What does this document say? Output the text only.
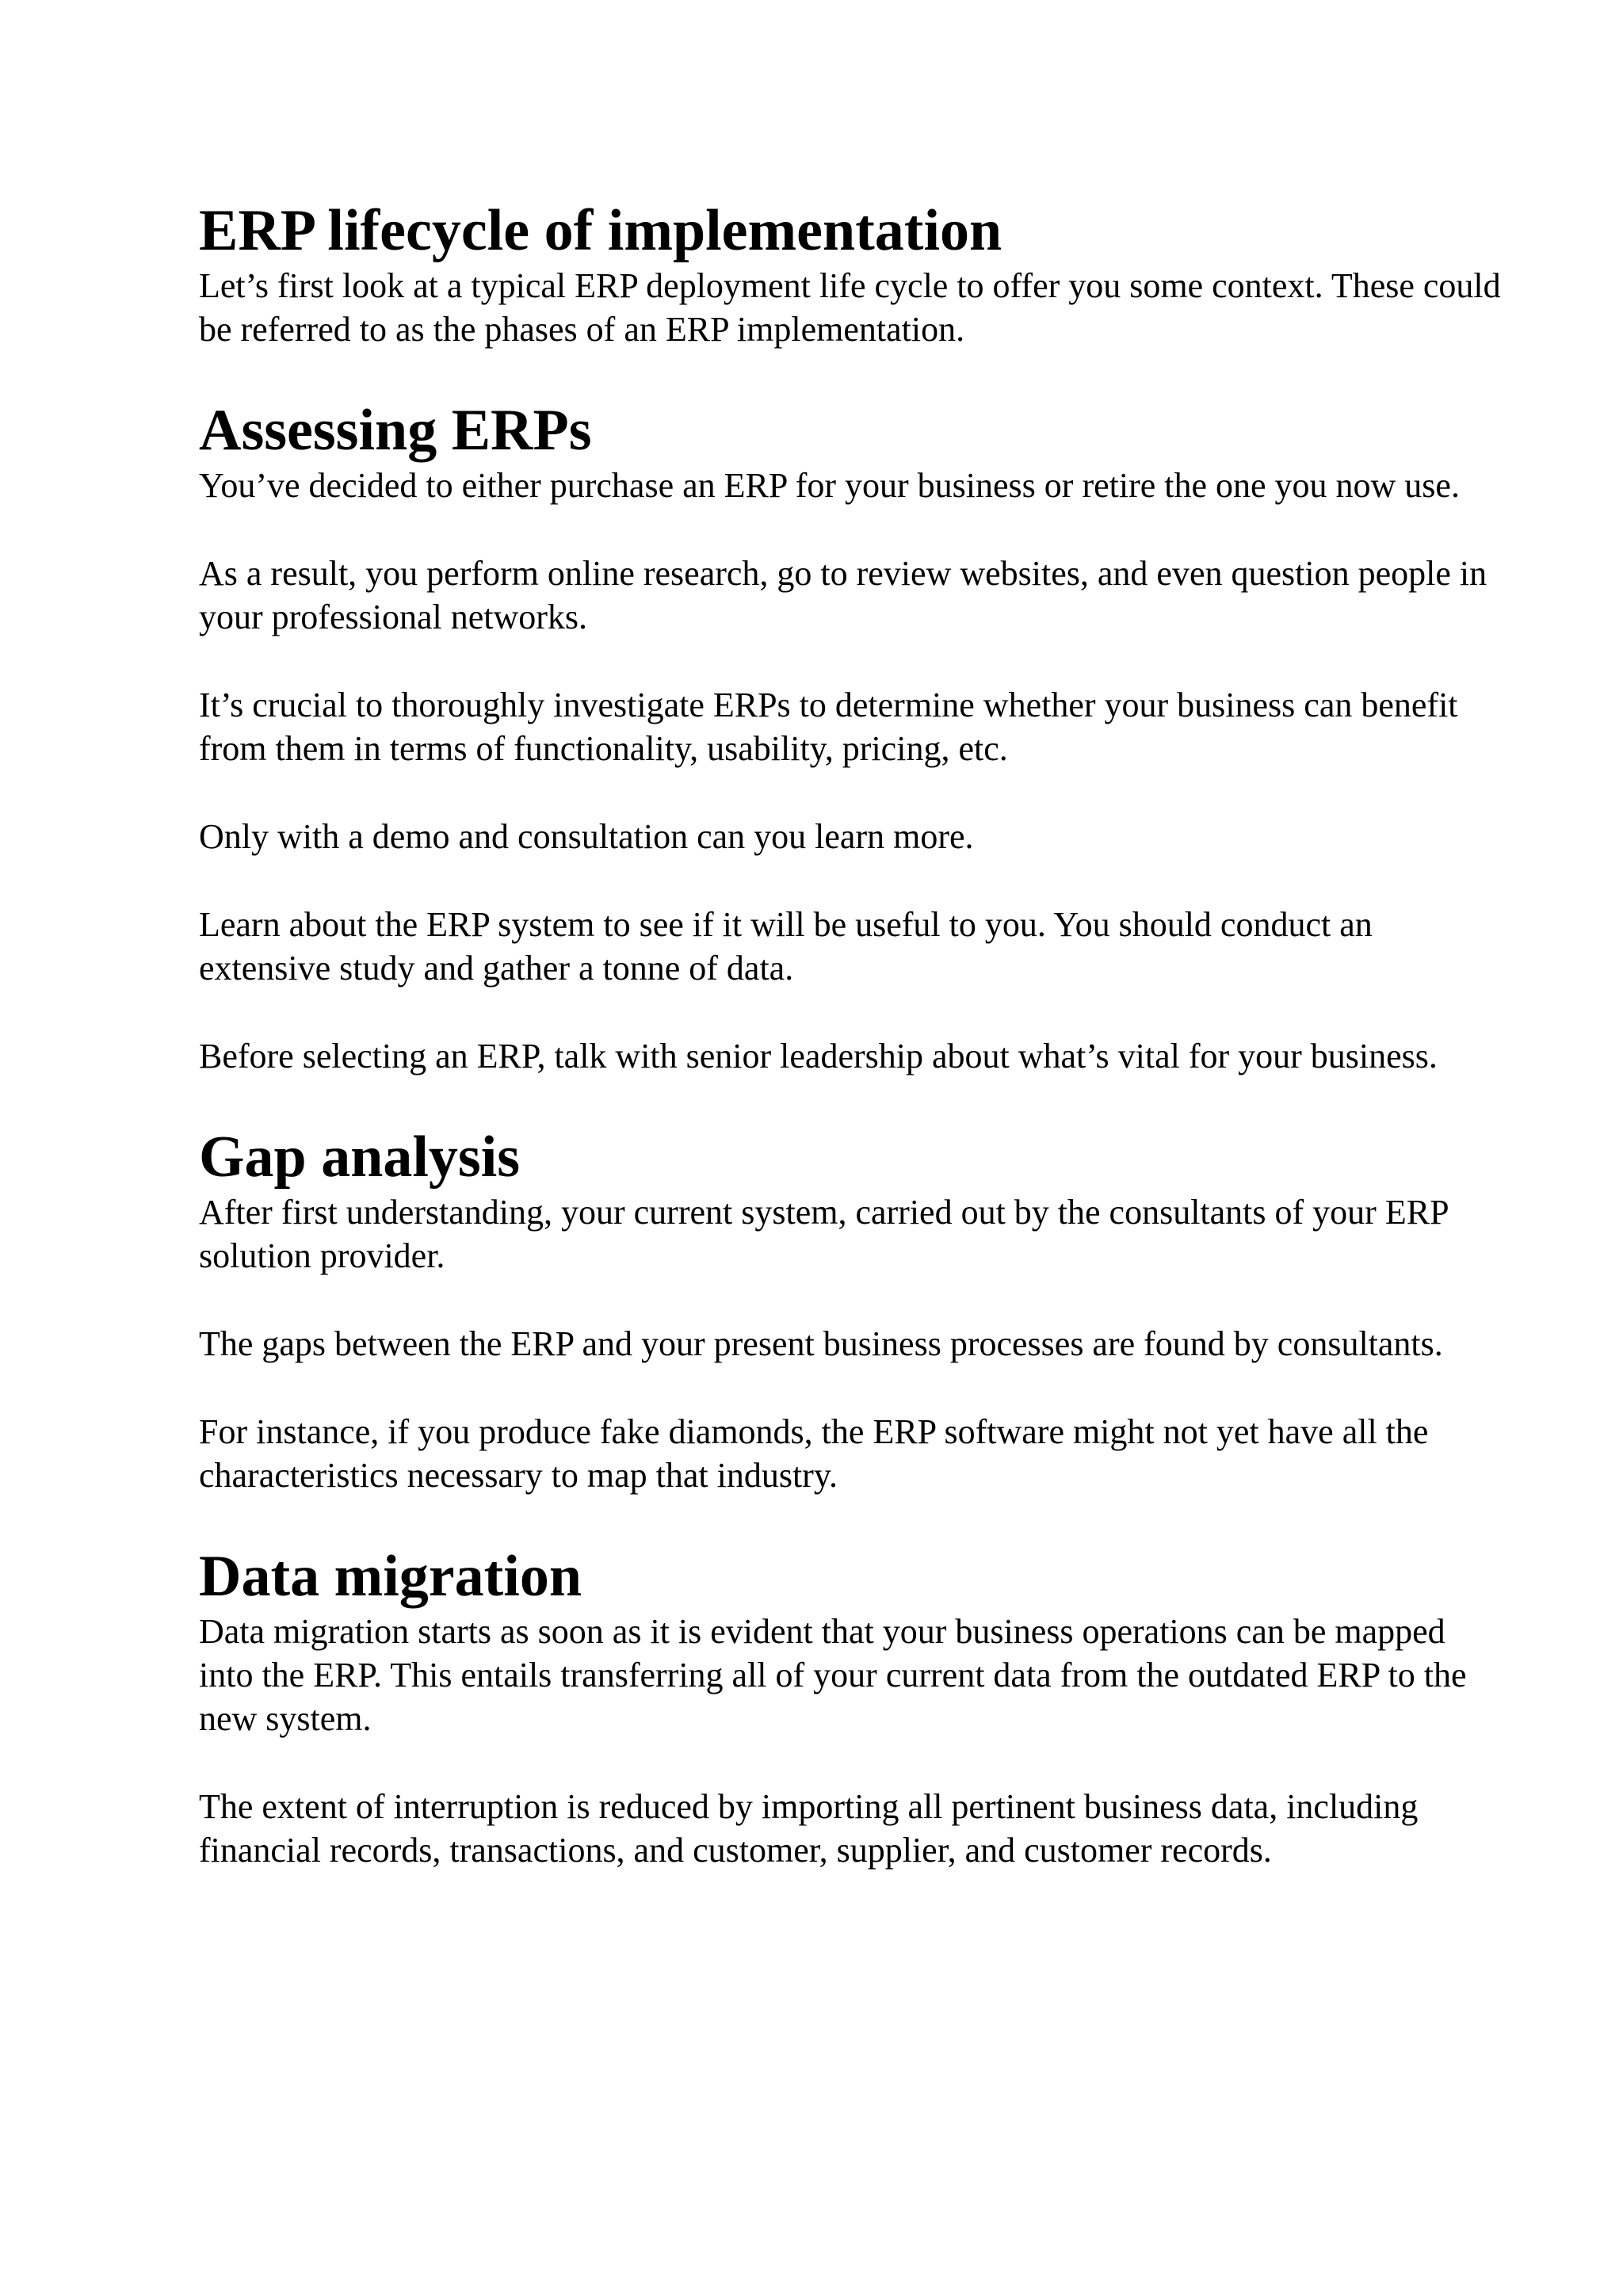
ERP lifecycle of implementation

Let’s first look at a typical ERP deployment life cycle to offer you some context. These could be referred to as the phases of an ERP implementation.

Assessing ERPs

You’ve decided to either purchase an ERP for your business or retire the one you now use.

As a result, you perform online research, go to review websites, and even question people in your professional networks.

It’s crucial to thoroughly investigate ERPs to determine whether your business can benefit from them in terms of functionality, usability, pricing, etc.

Only with a demo and consultation can you learn more.

Learn about the ERP system to see if it will be useful to you. You should conduct an extensive study and gather a tonne of data.

Before selecting an ERP, talk with senior leadership about what’s vital for your business.

Gap analysis

After first understanding, your current system, carried out by the consultants of your ERP solution provider.

The gaps between the ERP and your present business processes are found by consultants.

For instance, if you produce fake diamonds, the ERP software might not yet have all the characteristics necessary to map that industry.

Data migration

Data migration starts as soon as it is evident that your business operations can be mapped into the ERP. This entails transferring all of your current data from the outdated ERP to the new system.

The extent of interruption is reduced by importing all pertinent business data, including financial records, transactions, and customer, supplier, and customer records.
